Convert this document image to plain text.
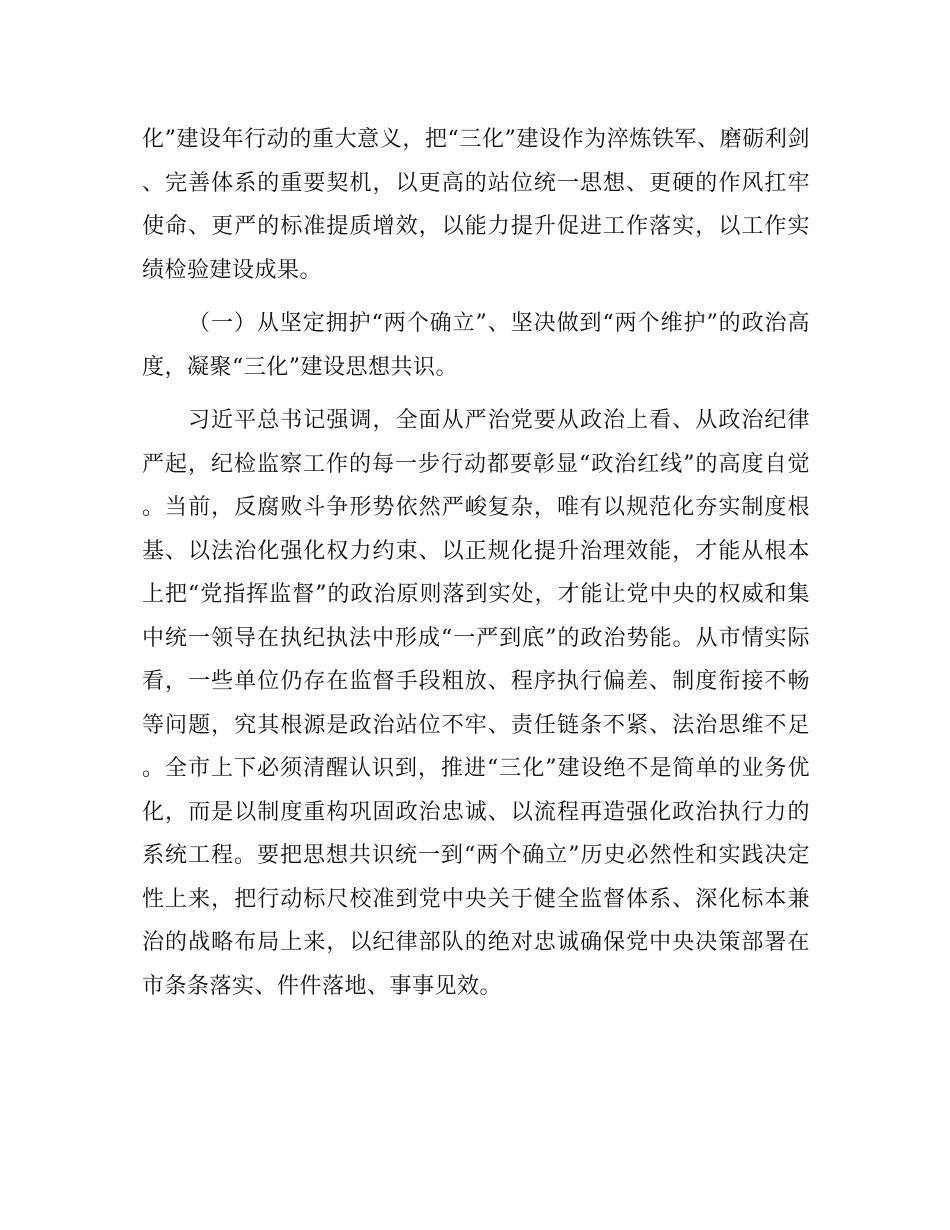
化”建设年行动的重大意义，把“三化”建设作为淬炼铁军、磨砺利剑、完善体系的重要契机，以更高的站位统一思想、更硬的作风扛牢使命、更严的标准提质增效，以能力提升促进工作落实，以工作实绩检验建设成果。

（一）从坚定拥护“两个确立”、坚决做到“两个维护”的政治高度，凝聚“三化”建设思想共识。

习近平总书记强调，全面从严治党要从政治上看、从政治纪律严起，纪检监察工作的每一步行动都要彰显“政治红线”的高度自觉。当前，反腐败斗争形势依然严峻复杂，唯有以规范化夯实制度根基、以法治化强化权力约束、以正规化提升治理效能，才能从根本上把“党指挥监督”的政治原则落到实处，才能让党中央的权威和集中统一领导在执纪执法中形成“一严到底”的政治势能。从市情实际看，一些单位仍存在监督手段粗放、程序执行偏差、制度衔接不畅等问题，究其根源是政治站位不牢、责任链条不紧、法治思维不足。全市上下必须清醒认识到，推进“三化”建设绝不是简单的业务优化，而是以制度重构巩固政治忠诚、以流程再造强化政治执行力的系统工程。要把思想共识统一到“两个确立”历史必然性和实践决定性上来，把行动标尺校准到党中央关于健全监督体系、深化标本兼治的战略布局上来，以纪律部队的绝对忠诚确保党中央决策部署在市条条落实、件件落地、事事见效。
